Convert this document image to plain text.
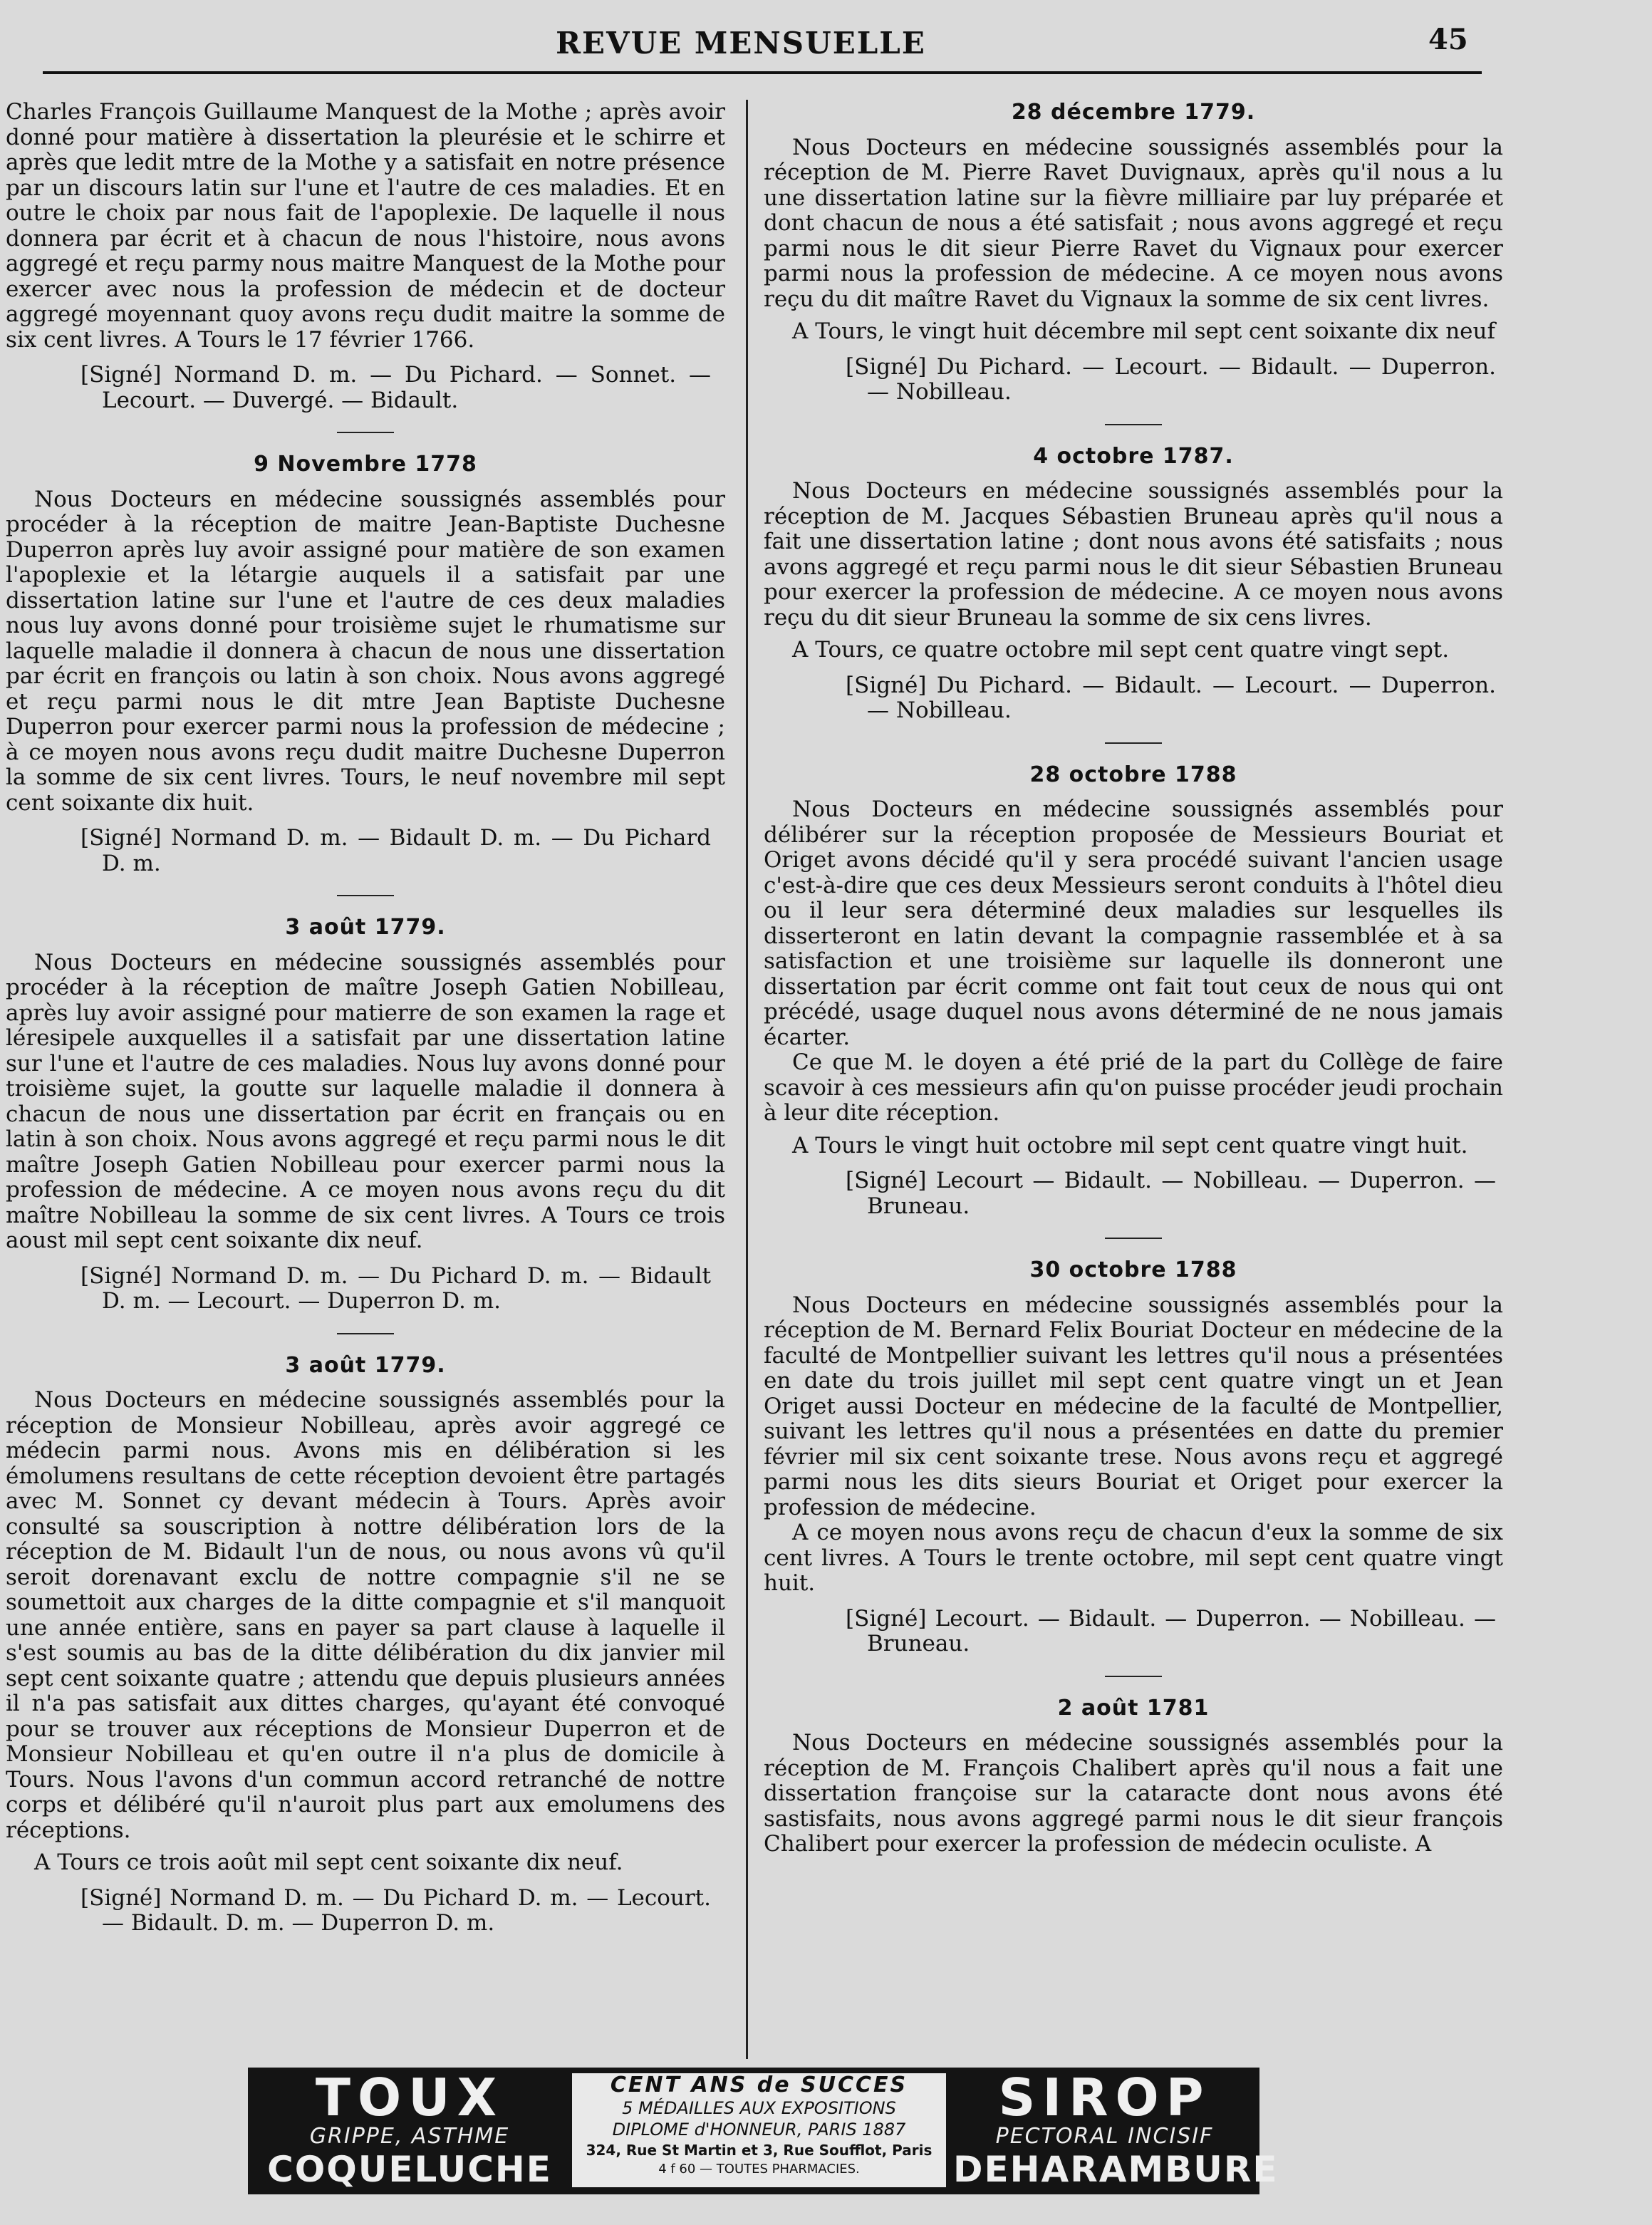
REVUE MENSUELLE	45

Charles François Guillaume Manquest de la Mothe ; après avoir donné pour matière à dissertation la pleurésie et le schirre et après que ledit mtre de la Mothe y a satisfait en notre présence par un discours latin sur l'une et l'autre de ces maladies. Et en outre le choix par nous fait de l'apoplexie. De laquelle il nous donnera par écrit et à chacun de nous l'histoire, nous avons aggregé et reçu parmy nous maitre Manquest de la Mothe pour exercer avec nous la profession de médecin et de docteur aggregé moyennant quoy avons reçu dudit maitre la somme de six cent livres. A Tours le 17 février 1766.

[Signé] Normand D. m. — Du Pichard. — Sonnet. — Lecourt. — Duvergé. — Bidault.

9 Novembre 1778

Nous Docteurs en médecine soussignés assemblés pour procéder à la réception de maitre Jean-Baptiste Duchesne Duperron après luy avoir assigné pour matière de son examen l'apoplexie et la létargie auquels il a satisfait par une dissertation latine sur l'une et l'autre de ces deux maladies nous luy avons donné pour troisième sujet le rhumatisme sur laquelle maladie il donnera à chacun de nous une dissertation par écrit en françois ou latin à son choix. Nous avons aggregé et reçu parmi nous le dit mtre Jean Baptiste Duchesne Duperron pour exercer parmi nous la profession de médecine ; à ce moyen nous avons reçu dudit maitre Duchesne Duperron la somme de six cent livres. Tours, le neuf novembre mil sept cent soixante dix huit.

[Signé] Normand D. m. — Bidault D. m. — Du Pichard D. m.

3 août 1779.

Nous Docteurs en médecine soussignés assemblés pour procéder à la réception de maître Joseph Gatien Nobilleau, après luy avoir assigné pour matierre de son examen la rage et léresipele auxquelles il a satisfait par une dissertation latine sur l'une et l'autre de ces maladies. Nous luy avons donné pour troisième sujet, la goutte sur laquelle maladie il donnera à chacun de nous une dissertation par écrit en français ou en latin à son choix. Nous avons aggregé et reçu parmi nous le dit maître Joseph Gatien Nobilleau pour exercer parmi nous la profession de médecine. A ce moyen nous avons reçu du dit maître Nobilleau la somme de six cent livres. A Tours ce trois aoust mil sept cent soixante dix neuf.

[Signé] Normand D. m. — Du Pichard D. m. — Bidault D. m. — Lecourt. — Duperron D. m.

3 août 1779.

Nous Docteurs en médecine soussignés assemblés pour la réception de Monsieur Nobilleau, après avoir aggregé ce médecin parmi nous. Avons mis en délibération si les émolumens resultans de cette réception devoient être partagés avec M. Sonnet cy devant médecin à Tours. Après avoir consulté sa souscription à nottre délibération lors de la réception de M. Bidault l'un de nous, ou nous avons vû qu'il seroit dorenavant exclu de nottre compagnie s'il ne se soumettoit aux charges de la ditte compagnie et s'il manquoit une année entière, sans en payer sa part clause à laquelle il s'est soumis au bas de la ditte délibération du dix janvier mil sept cent soixante quatre ; attendu que depuis plusieurs années il n'a pas satisfait aux dittes charges, qu'ayant été convoqué pour se trouver aux réceptions de Monsieur Duperron et de Monsieur Nobilleau et qu'en outre il n'a plus de domicile à Tours. Nous l'avons d'un commun accord retranché de nottre corps et délibéré qu'il n'auroit plus part aux emolumens des réceptions.

A Tours ce trois août mil sept cent soixante dix neuf.

[Signé] Normand D. m. — Du Pichard D. m. — Lecourt. — Bidault. D. m. — Duperron D. m.

28 décembre 1779.

Nous Docteurs en médecine soussignés assemblés pour la réception de M. Pierre Ravet Duvignaux, après qu'il nous a lu une dissertation latine sur la fièvre milliaire par luy préparée et dont chacun de nous a été satisfait ; nous avons aggregé et reçu parmi nous le dit sieur Pierre Ravet du Vignaux pour exercer parmi nous la profession de médecine. A ce moyen nous avons reçu du dit maître Ravet du Vignaux la somme de six cent livres.

A Tours, le vingt huit décembre mil sept cent soixante dix neuf

[Signé] Du Pichard. — Lecourt. — Bidault. — Duperron. — Nobilleau.

4 octobre 1787.

Nous Docteurs en médecine soussignés assemblés pour la réception de M. Jacques Sébastien Bruneau après qu'il nous a fait une dissertation latine ; dont nous avons été satisfaits ; nous avons aggregé et reçu parmi nous le dit sieur Sébastien Bruneau pour exercer la profession de médecine. A ce moyen nous avons reçu du dit sieur Bruneau la somme de six cens livres.

A Tours, ce quatre octobre mil sept cent quatre vingt sept.

[Signé] Du Pichard. — Bidault. — Lecourt. — Duperron. — Nobilleau.

28 octobre 1788

Nous Docteurs en médecine soussignés assemblés pour délibérer sur la réception proposée de Messieurs Bouriat et Origet avons décidé qu'il y sera procédé suivant l'ancien usage c'est-à-dire que ces deux Messieurs seront conduits à l'hôtel dieu ou il leur sera déterminé deux maladies sur lesquelles ils disserteront en latin devant la compagnie rassemblée et à sa satisfaction et une troisième sur laquelle ils donneront une dissertation par écrit comme ont fait tout ceux de nous qui ont précédé, usage duquel nous avons déterminé de ne nous jamais écarter.

Ce que M. le doyen a été prié de la part du Collège de faire scavoir à ces messieurs afin qu'on puisse procéder jeudi prochain à leur dite réception.

A Tours le vingt huit octobre mil sept cent quatre vingt huit.

[Signé] Lecourt — Bidault. — Nobilleau. — Duperron. — Bruneau.

30 octobre 1788

Nous Docteurs en médecine soussignés assemblés pour la réception de M. Bernard Felix Bouriat Docteur en médecine de la faculté de Montpellier suivant les lettres qu'il nous a présentées en date du trois juillet mil sept cent quatre vingt un et Jean Origet aussi Docteur en médecine de la faculté de Montpellier, suivant les lettres qu'il nous a présentées en datte du premier février mil six cent soixante trese. Nous avons reçu et aggregé parmi nous les dits sieurs Bouriat et Origet pour exercer la profession de médecine.

A ce moyen nous avons reçu de chacun d'eux la somme de six cent livres. A Tours le trente octobre, mil sept cent quatre vingt huit.

[Signé] Lecourt. — Bidault. — Duperron. — Nobilleau. — Bruneau.

2 août 1781

Nous Docteurs en médecine soussignés assemblés pour la réception de M. François Chalibert après qu'il nous a fait une dissertation françoise sur la cataracte dont nous avons été sastisfaits, nous avons aggregé parmi nous le dit sieur françois Chalibert pour exercer la profession de médecin oculiste. A

TOUX
GRIPPE, ASTHME
COQUELUCHE
CENT ANS de SUCCES
5 MÉDAILLES AUX EXPOSITIONS
DIPLOME d'HONNEUR, PARIS 1887
324, Rue St Martin et 3, Rue Soufflot, Paris
4 f 60 — TOUTES PHARMACIES.
SIROP
PECTORAL INCISIF
DEHARAMBURE
